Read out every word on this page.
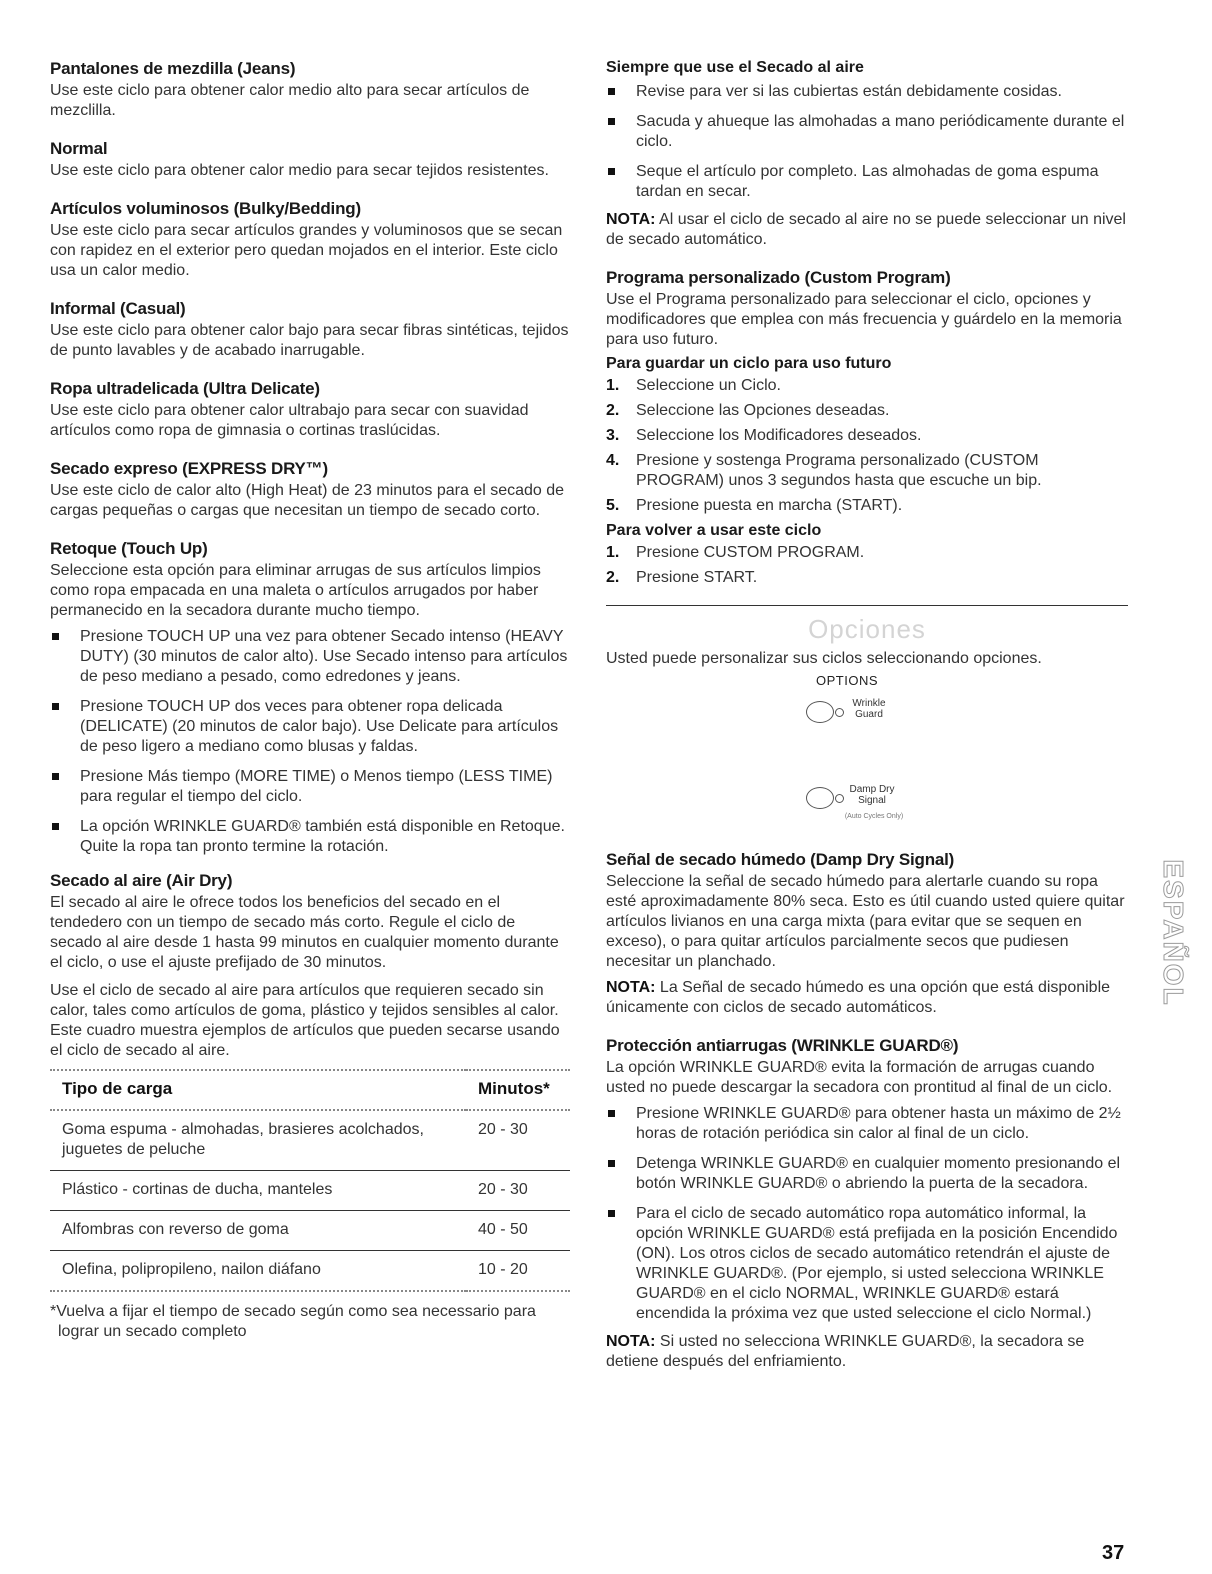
Pantalones de mezdilla (Jeans)

Use este ciclo para obtener calor medio alto para secar artículos de mezclilla.

Normal

Use este ciclo para obtener calor medio para secar tejidos resistentes.

Artículos voluminosos (Bulky/Bedding)

Use este ciclo para secar artículos grandes y voluminosos que se secan con rapidez en el exterior pero quedan mojados en el interior. Este ciclo usa un calor medio.

Informal (Casual)

Use este ciclo para obtener calor bajo para secar fibras sintéticas, tejidos de punto lavables y de acabado inarrugable.

Ropa ultradelicada (Ultra Delicate)

Use este ciclo para obtener calor ultrabajo para secar con suavidad artículos como ropa de gimnasia o cortinas traslúcidas.

Secado expreso (EXPRESS DRY™)

Use este ciclo de calor alto (High Heat) de 23 minutos para el secado de cargas pequeñas o cargas que necesitan un tiempo de secado corto.

Retoque (Touch Up)

Seleccione esta opción para eliminar arrugas de sus artículos limpios como ropa empacada en una maleta o artículos arrugados por haber permanecido en la secadora durante mucho tiempo.

Presione TOUCH UP una vez para obtener Secado intenso (HEAVY DUTY) (30 minutos de calor alto). Use Secado intenso para artículos de peso mediano a pesado, como edredones y jeans.
Presione TOUCH UP dos veces para obtener ropa delicada (DELICATE) (20 minutos de calor bajo). Use Delicate para artículos de peso ligero a mediano como blusas y faldas.
Presione Más tiempo (MORE TIME) o Menos tiempo (LESS TIME) para regular el tiempo del ciclo.
La opción WRINKLE GUARD® también está disponible en Retoque. Quite la ropa tan pronto termine la rotación.
Secado al aire (Air Dry)

El secado al aire le ofrece todos los beneficios del secado en el tendedero con un tiempo de secado más corto. Regule el ciclo de secado al aire desde 1 hasta 99 minutos en cualquier momento durante el ciclo, o use el ajuste prefijado de 30 minutos.

Use el ciclo de secado al aire para artículos que requieren secado sin calor, tales como artículos de goma, plástico y tejidos sensibles al calor. Este cuadro muestra ejemplos de artículos que pueden secarse usando el ciclo de secado al aire.

Tipo de carga	Minutos*
Goma espuma - almohadas, brasieres acolchados, juguetes de peluche	20 - 30
Plástico - cortinas de ducha, manteles	20 - 30
Alfombras con reverso de goma	40 - 50
Olefina, polipropileno, nailon diáfano	10 - 20
*Vuelva a fijar el tiempo de secado según como sea necessario para lograr un secado completo
Siempre que use el Secado al aire
Revise para ver si las cubiertas están debidamente cosidas.
Sacuda y ahueque las almohadas a mano periódicamente durante el ciclo.
Seque el artículo por completo. Las almohadas de goma espuma tardan en secar.

NOTA: Al usar el ciclo de secado al aire no se puede seleccionar un nivel de secado automático.

Programa personalizado (Custom Program)

Use el Programa personalizado para seleccionar el ciclo, opciones y modificadores que emplea con más frecuencia y guárdelo en la memoria para uso futuro.

Para guardar un ciclo para uso futuro
1. Seleccione un Ciclo.
2. Seleccione las Opciones deseadas.
3. Seleccione los Modificadores deseados.
4. Presione y sostenga Programa personalizado (CUSTOM PROGRAM) unos 3 segundos hasta que escuche un bip.
5. Presione puesta en marcha (START).
Para volver a usar este ciclo
1. Presione CUSTOM PROGRAM.
2. Presione START.
Opciones

Usted puede personalizar sus ciclos seleccionando opciones.

OPTIONS
Wrinkle
Guard
Damp Dry
Signal
(Auto Cycles Only)
Señal de secado húmedo (Damp Dry Signal)

Seleccione la señal de secado húmedo para alertarle cuando su ropa esté aproximadamente 80% seca. Esto es útil cuando usted quiere quitar artículos livianos en una carga mixta (para evitar que se sequen en exceso), o para quitar artículos parcialmente secos que pudiesen necesitar un planchado.

NOTA: La Señal de secado húmedo es una opción que está disponible únicamente con ciclos de secado automáticos.

Protección antiarrugas (WRINKLE GUARD®)

La opción WRINKLE GUARD® evita la formación de arrugas cuando usted no puede descargar la secadora con prontitud al final de un ciclo.

Presione WRINKLE GUARD® para obtener hasta un máximo de 2½ horas de rotación periódica sin calor al final de un ciclo.
Detenga WRINKLE GUARD® en cualquier momento presionando el botón WRINKLE GUARD® o abriendo la puerta de la secadora.
Para el ciclo de secado automático ropa automático informal, la opción WRINKLE GUARD® está prefijada en la posición Encendido (ON). Los otros ciclos de secado automático retendrán el ajuste de WRINKLE GUARD®. (Por ejemplo, si usted selecciona WRINKLE GUARD® en el ciclo NORMAL, WRINKLE GUARD® estará encendida la próxima vez que usted seleccione el ciclo Normal.)

NOTA: Si usted no selecciona WRINKLE GUARD®, la secadora se detiene después del enfriamiento.

ESPAÑOL
37
